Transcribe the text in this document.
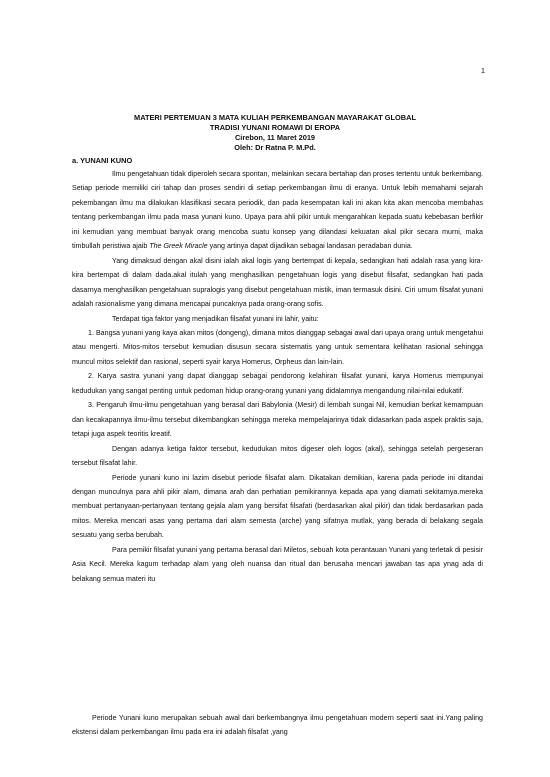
1
MATERI PERTEMUAN 3 MATA KULIAH PERKEMBANGAN MAYARAKAT GLOBAL
TRADISI YUNANI ROMAWI DI EROPA
Cirebon, 11 Maret 2019
Oleh: Dr Ratna P. M.Pd.
a. YUNANI KUNO

Ilmu pengetahuan tidak diperoleh secara spontan, melainkan secara bertahap dan proses tertentu untuk berkembang. Setiap periode memiliki ciri tahap dan proses sendiri di setiap perkembangan ilmu di eranya. Untuk lebih memahami sejarah pekembangan ilmu ma dilakukan klasifikasi secara periodik, dan pada kesempatan kali ini akan kita akan mencoba membahas tentang perkembangan ilmu pada masa yunani kuno. Upaya para ahli pikir untuk mengarahkan kepada suatu kebebasan berfikir ini kemudian yang membuat banyak orang mencoba suatu konsep yang dilandasi kekuatan akal pikir secara murni, maka timbullah peristiwa ajaib The Greek Miracle yang artinya dapat dijadikan sebagai landasan peradaban dunia.

Yang dimaksud dengan akal disini ialah akal logis yang bertempat di kepala, sedangkan hati adalah rasa yang kira-kira bertempat di dalam dada.akal itulah yang menghasilkan pengetahuan logis yang disebut filsafat, sedangkan hati pada dasarnya menghasilkan pengetahuan supralogis yang disebut pengetahuan mistik, iman termasuk disini. Ciri umum filsafat yunani adalah rasionalisme yang dimana mencapai puncaknya pada orang-orang sofis.

Terdapat tiga faktor yang menjadikan filsafat yunani ini lahir, yaitu:

1. Bangsa yunani yang kaya akan mitos (dongeng), dimana mitos dianggap sebagai awal dari upaya orang untuk mengetahui atau mengerti. Mitos-mitos tersebut kemudian disusun secara sistematis yang untuk sementara kelihatan rasional sehingga muncul mitos selektif dan rasional, seperti syair karya Homerus, Orpheus dan lain-lain.

2. Karya sastra yunani yang dapat dianggap sebagai pendorong kelahiran filsafat yunani, karya Homerus mempunyai kedudukan yang sangat penting untuk pedoman hidup orang-orang yunani yang didalamnya mengandung nilai-nilai edukatif.

3. Pengaruh ilmu-ilmu pengetahuan yang berasal dari Babylonia (Mesir) di lembah sungai Nil, kemudian berkat kemampuan dan kecakapannya ilmu-ilmu tersebut dikembangkan sehingga mereka mempelajarinya tidak didasarkan pada aspek praktis saja, tetapi juga aspek teoritis kreatif.

Dengan adanya ketiga faktor tersebut, kedudukan mitos digeser oleh logos (akal), sehingga setelah pergeseran tersebut filsafat lahir.

Periode yunani kuno ini lazim disebut periode filsafat alam. Dikatakan demikian, karena pada periode ini ditandai dengan munculnya para ahli pikir alam, dimana arah dan perhatian pemikirannya kepada apa yang diamati sekitarnya.mereka membuat pertanyaan-pertanyaan tentang gejala alam yang bersifat filsafati (berdasarkan akal pikir) dan tidak berdasarkan pada mitos. Mereka mencari asas yang pertama dari alam semesta (arche) yang sifatnya mutlak, yang berada di belakang segala sesuatu yang serba berubah.

Para pemikir filsafat yunani yang pertama berasal dari Miletos, sebuah kota perantauan Yunani yang terletak di pesisir Asia Kecil. Mereka kagum terhadap alam yang oleh nuansa dan ritual dan berusaha mencari jawaban tas apa ynag ada di belakang semua materi itu

Periode Yunani kuno merupakan sebuah awal dari berkembangnya ilmu pengetahuan modern seperti saat ini.Yang paling ekstensi dalam perkembangan ilmu pada era ini adalah filsafat ,yang
